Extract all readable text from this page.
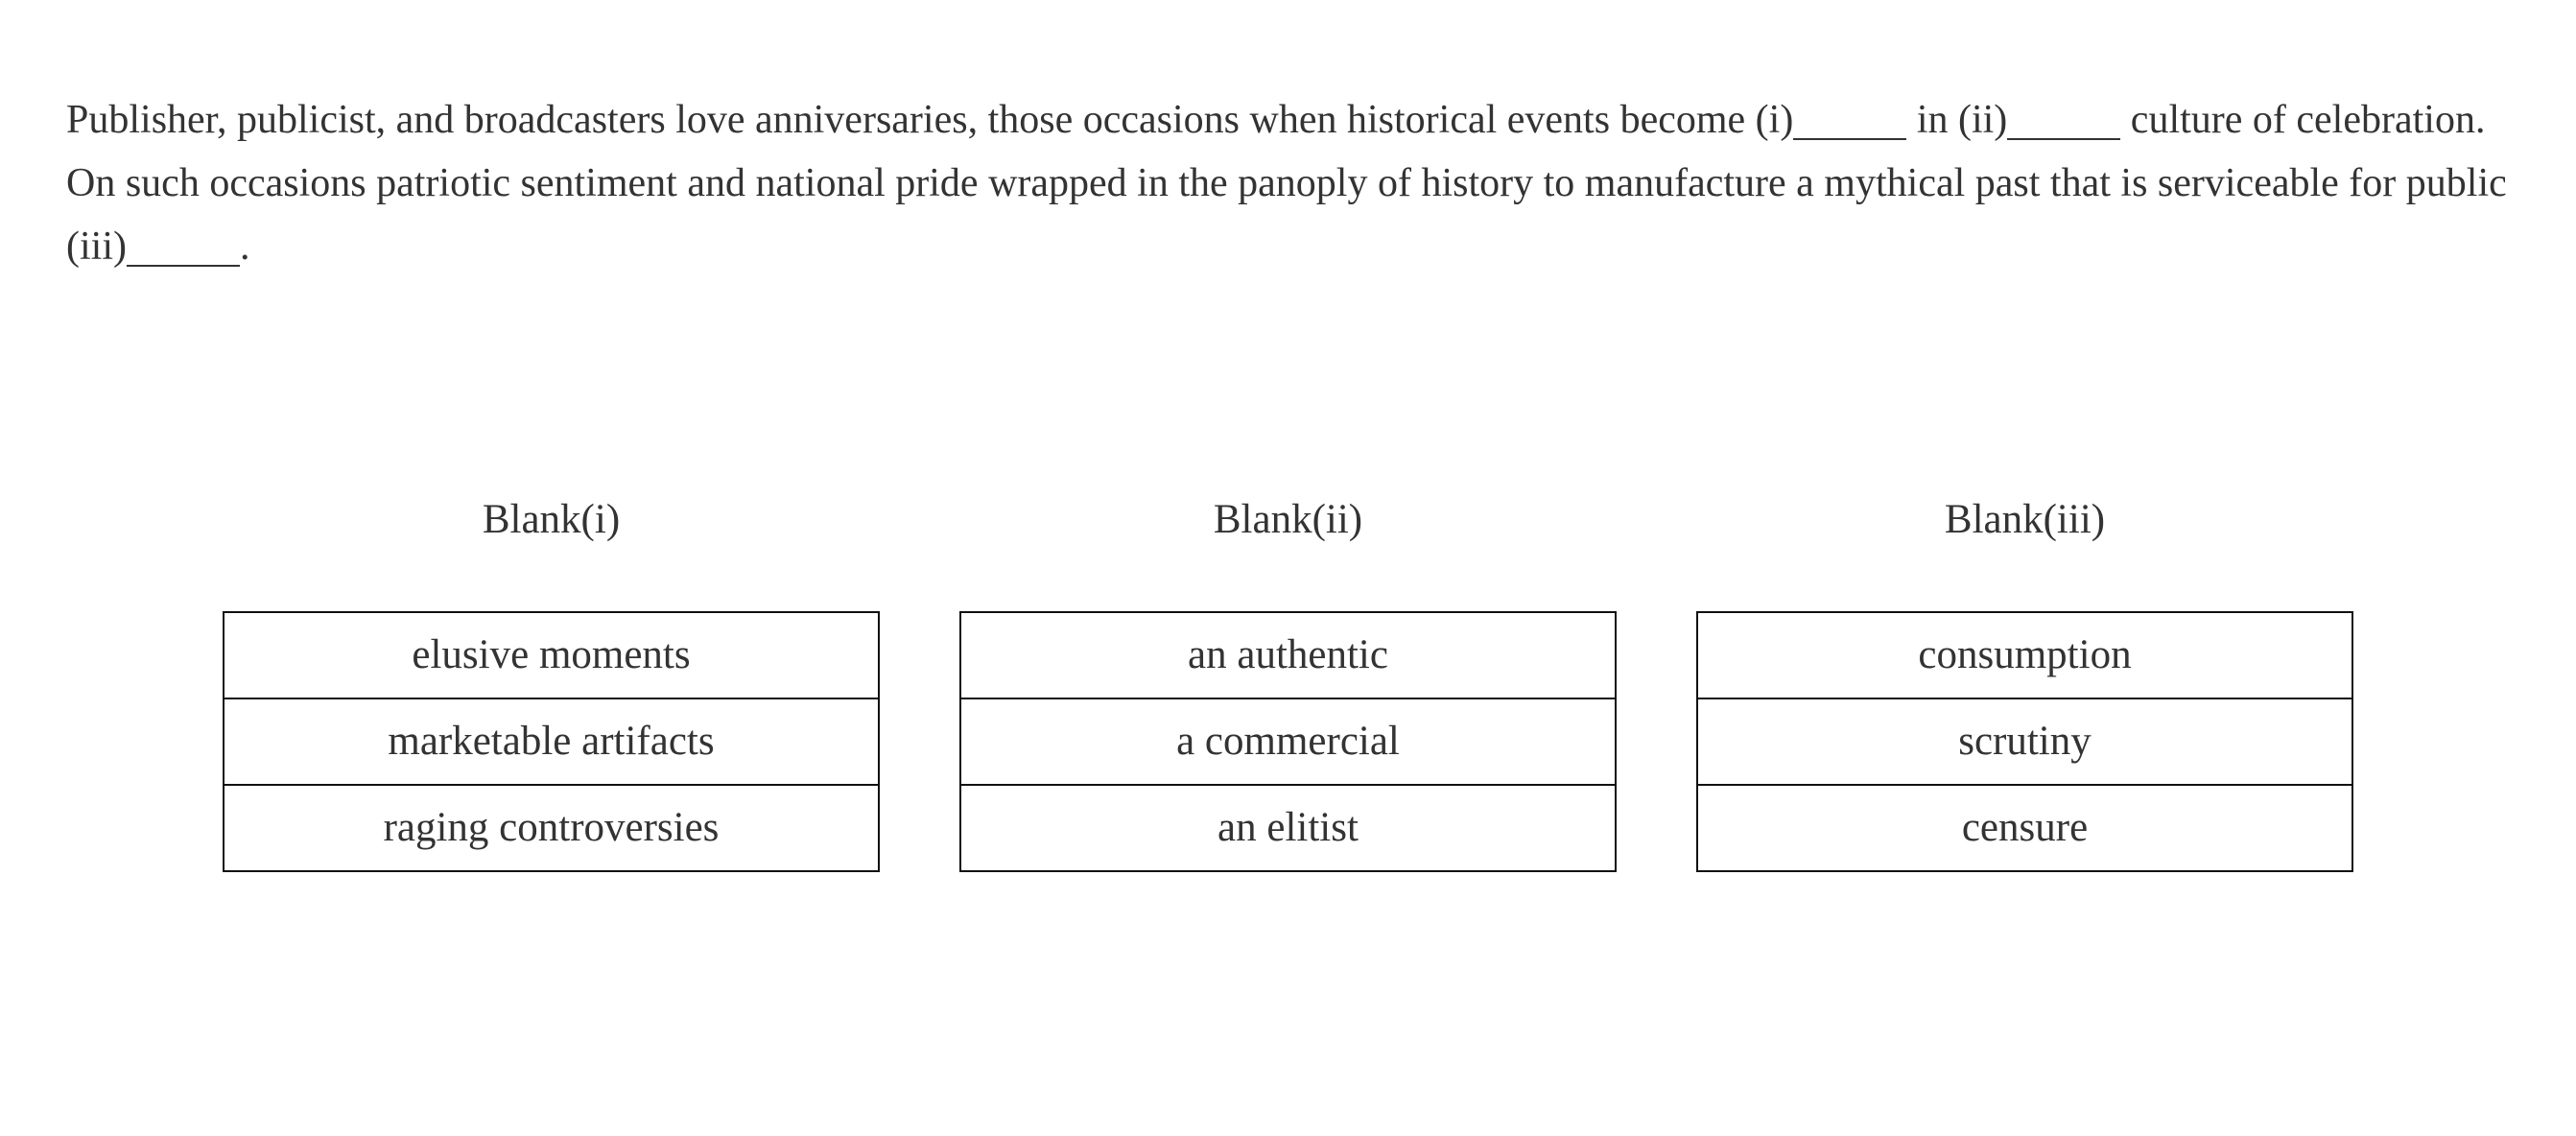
Publisher, publicist, and broadcasters love anniversaries, those occasions when historical events become (i)	in (ii)	culture of celebration. On such occasions patriotic sentiment and national pride wrapped in the panoply of history to manufacture a mythical past that is serviceable for public (iii)	.

Blank(i)
elusive moments
marketable artifacts
raging controversies
Blank(ii)
an authentic
a commercial
an elitist
Blank(iii)
consumption
scrutiny
censure
